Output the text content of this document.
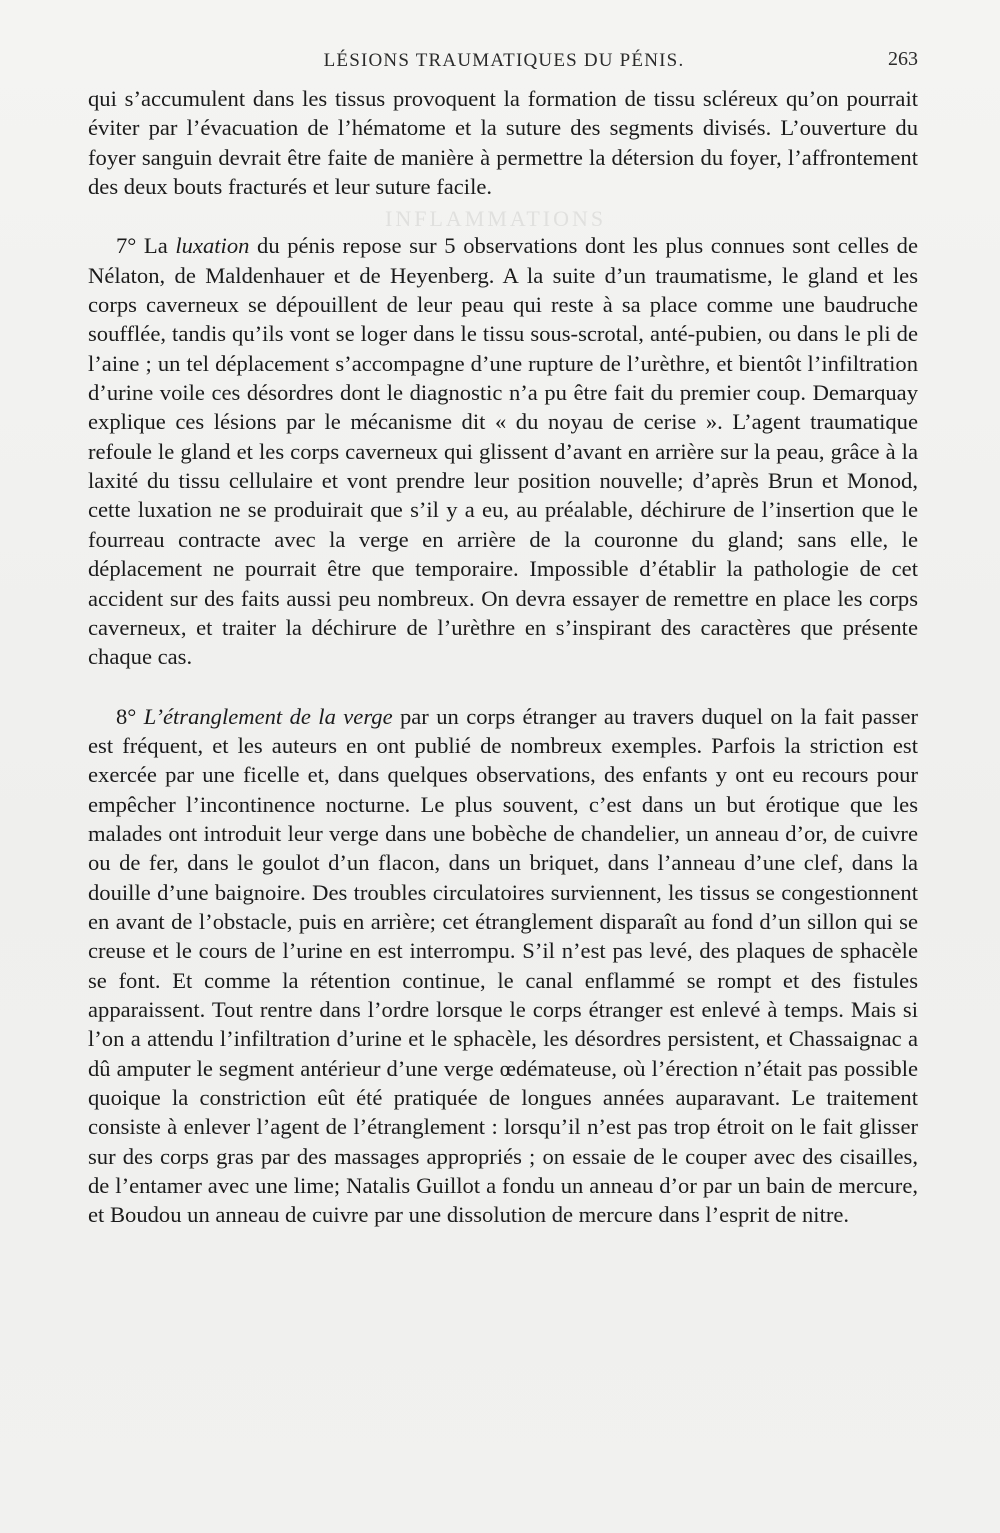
INFLAMMATIONS
LÉSIONS TRAUMATIQUES DU PÉNIS.	263

qui s’accumulent dans les tissus provoquent la formation de tissu scléreux qu’on pourrait éviter par l’évacuation de l’hématome et la suture des segments divisés. L’ouverture du foyer sanguin devrait être faite de manière à permettre la détersion du foyer, l’affrontement des deux bouts fracturés et leur suture facile.

7° La luxation du pénis repose sur 5 observations dont les plus connues sont celles de Nélaton, de Maldenhauer et de Heyenberg. A la suite d’un traumatisme, le gland et les corps caverneux se dépouillent de leur peau qui reste à sa place comme une baudruche soufflée, tandis qu’ils vont se loger dans le tissu sous-scrotal, anté-pubien, ou dans le pli de l’aine ; un tel déplacement s’accompagne d’une rupture de l’urèthre, et bientôt l’infiltration d’urine voile ces désordres dont le diagnostic n’a pu être fait du premier coup. Demarquay explique ces lésions par le mécanisme dit « du noyau de cerise ». L’agent traumatique refoule le gland et les corps caverneux qui glissent d’avant en arrière sur la peau, grâce à la laxité du tissu cellulaire et vont prendre leur position nouvelle; d’après Brun et Monod, cette luxation ne se produirait que s’il y a eu, au préalable, déchirure de l’insertion que le fourreau contracte avec la verge en arrière de la couronne du gland; sans elle, le déplacement ne pourrait être que temporaire. Impossible d’établir la pathologie de cet accident sur des faits aussi peu nombreux. On devra essayer de remettre en place les corps caverneux, et traiter la déchirure de l’urèthre en s’inspirant des caractères que présente chaque cas.

8° L’étranglement de la verge par un corps étranger au travers duquel on la fait passer est fréquent, et les auteurs en ont publié de nombreux exemples. Parfois la striction est exercée par une ficelle et, dans quelques observations, des enfants y ont eu recours pour empêcher l’incontinence nocturne. Le plus souvent, c’est dans un but érotique que les malades ont introduit leur verge dans une bobèche de chandelier, un anneau d’or, de cuivre ou de fer, dans le goulot d’un flacon, dans un briquet, dans l’anneau d’une clef, dans la douille d’une baignoire. Des troubles circulatoires surviennent, les tissus se congestionnent en avant de l’obstacle, puis en arrière; cet étranglement disparaît au fond d’un sillon qui se creuse et le cours de l’urine en est interrompu. S’il n’est pas levé, des plaques de sphacèle se font. Et comme la rétention continue, le canal enflammé se rompt et des fistules apparaissent. Tout rentre dans l’ordre lorsque le corps étranger est enlevé à temps. Mais si l’on a attendu l’infiltration d’urine et le sphacèle, les désordres persistent, et Chassaignac a dû amputer le segment antérieur d’une verge œdémateuse, où l’érection n’était pas possible quoique la constriction eût été pratiquée de longues années auparavant. Le traitement consiste à enlever l’agent de l’étranglement : lorsqu’il n’est pas trop étroit on le fait glisser sur des corps gras par des massages appropriés ; on essaie de le couper avec des cisailles, de l’entamer avec une lime; Natalis Guillot a fondu un anneau d’or par un bain de mercure, et Boudou un anneau de cuivre par une dissolution de mercure dans l’esprit de nitre.
